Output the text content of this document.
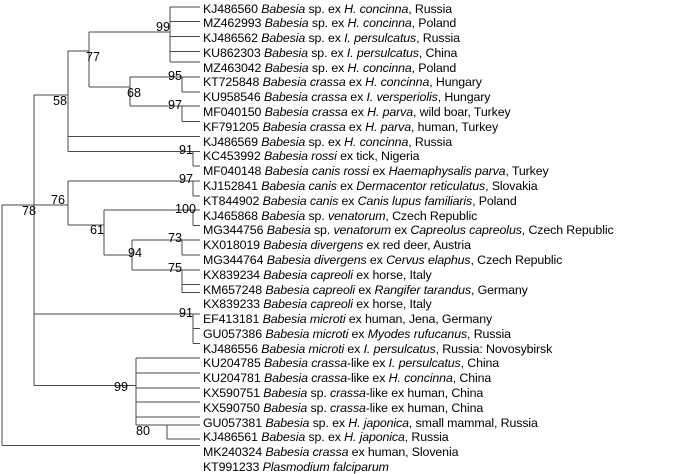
KJ486560 Babesia sp. ex H. concinna, Russia
MZ462993 Babesia sp. ex H. concinna, Poland
KJ486562 Babesia sp. ex I. persulcatus, Russia
KU862303 Babesia sp. ex I. persulcatus, China
MZ463042 Babesia sp. ex H. concinna, Poland
KT725848 Babesia crassa ex H. concinna, Hungary
KU958546 Babesia crassa ex I. versperiolis, Hungary
MF040150 Babesia crassa ex H. parva, wild boar, Turkey
KF791205 Babesia crassa ex H. parva, human, Turkey
KJ486569 Babesia sp. ex H. concinna, Russia
KC453992 Babesia rossi ex tick, Nigeria
MF040148 Babesia canis rossi ex Haemaphysalis parva, Turkey
KJ152841 Babesia canis ex Dermacentor reticulatus, Slovakia
KT844902 Babesia canis ex Canis lupus familiaris, Poland
KJ465868 Babesia sp. venatorum, Czech Republic
MG344756 Babesia sp. venatorum ex Capreolus capreolus, Czech Republic
KX018019 Babesia divergens ex red deer, Austria
MG344764 Babesia divergens ex Cervus elaphus, Czech Republic
KX839234 Babesia capreoli ex horse, Italy
KM657248 Babesia capreoli ex Rangifer tarandus, Germany
KX839233 Babesia capreoli ex horse, Italy
EF413181 Babesia microti ex human, Jena, Germany
GU057386 Babesia microti ex Myodes rufucanus, Russia
KJ486556 Babesia microti ex I. persulcatus, Russia: Novosybirsk
KU204785 Babesia crassa-like ex I. persulcatus, China
KU204781 Babesia crassa-like ex H. concinna, China
KX590751 Babesia sp. crassa-like ex human, China
KX590750 Babesia sp. crassa-like ex human, China
GU057381 Babesia sp. ex H. japonica, small mammal, Russia
KJ486561 Babesia sp. ex H. japonica, Russia
MK240324 Babesia crassa ex human, Slovenia
KT991233 Plasmodium falciparum
99
77
95
68
97
58
91
97
76
100
61
73
94
75
78
91
99
80
